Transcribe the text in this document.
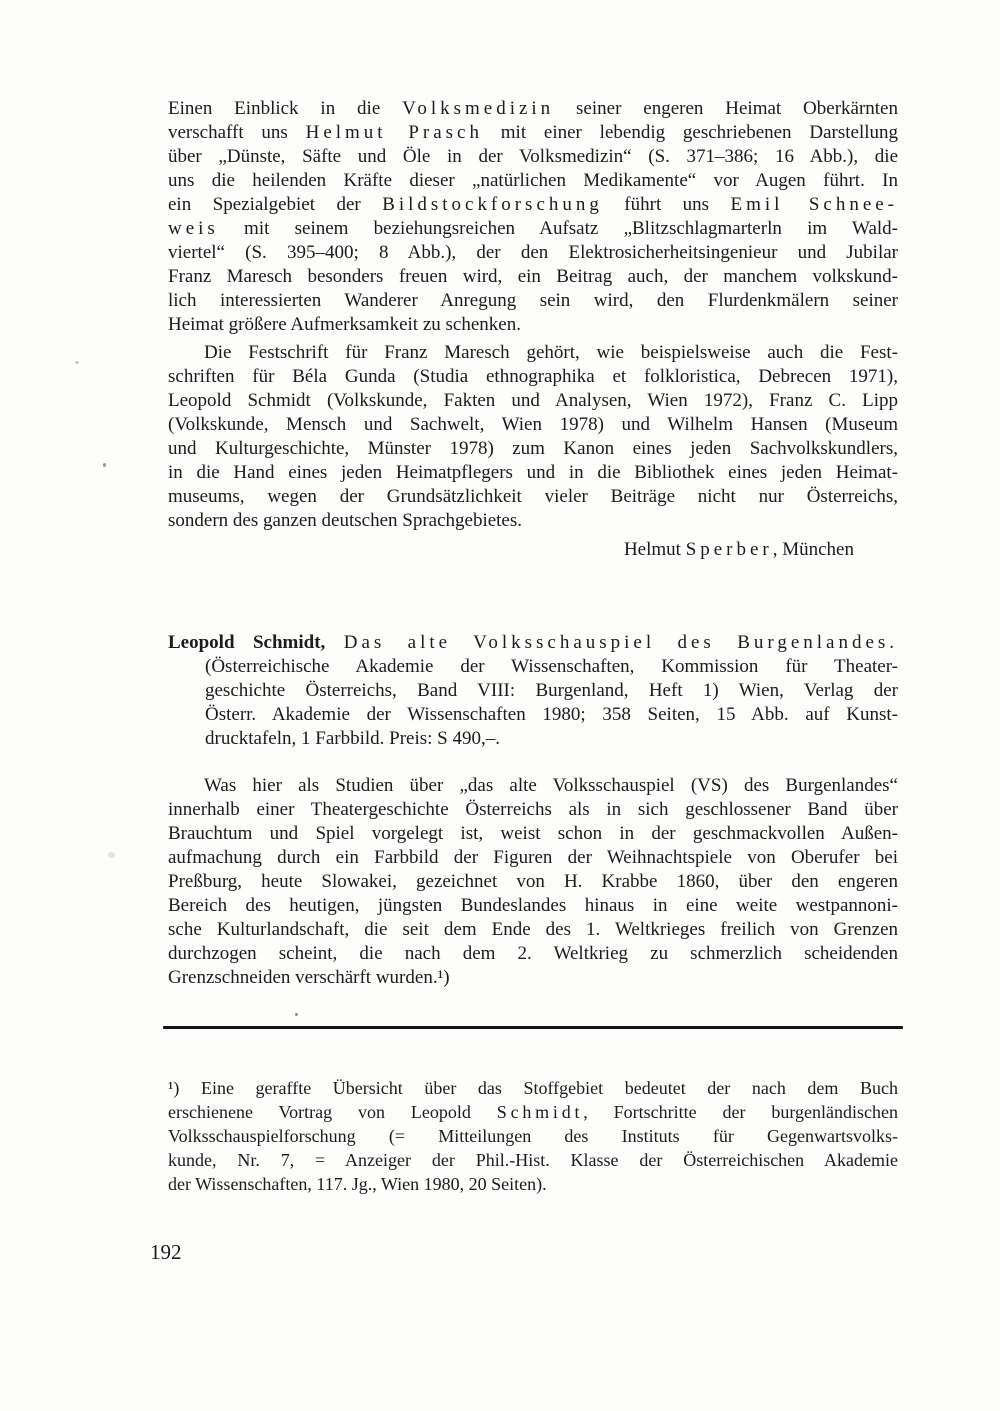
Einen Einblick in die Volksmedizin seiner engeren Heimat Oberkärnten
verschafft uns Helmut Prasch mit einer lebendig geschriebenen Darstellung
über „Dünste, Säfte und Öle in der Volksmedizin“ (S. 371–386; 16 Abb.), die
uns die heilenden Kräfte dieser „natürlichen Medikamente“ vor Augen führt. In
ein Spezialgebiet der Bildstockforschung führt uns Emil Schnee-
weis mit seinem beziehungsreichen Aufsatz „Blitzschlagmarterln im Wald-
viertel“ (S. 395–400; 8 Abb.), der den Elektrosicherheitsingenieur und Jubilar
Franz Maresch besonders freuen wird, ein Beitrag auch, der manchem volkskund-
lich interessierten Wanderer Anregung sein wird, den Flurdenkmälern seiner
Heimat größere Aufmerksamkeit zu schenken.
Die Festschrift für Franz Maresch gehört, wie beispielsweise auch die Fest-
schriften für Béla Gunda (Studia ethnographika et folkloristica, Debrecen 1971),
Leopold Schmidt (Volkskunde, Fakten und Analysen, Wien 1972), Franz C. Lipp
(Volkskunde, Mensch und Sachwelt, Wien 1978) und Wilhelm Hansen (Museum
und Kulturgeschichte, Münster 1978) zum Kanon eines jeden Sachvolkskundlers,
in die Hand eines jeden Heimatpflegers und in die Bibliothek eines jeden Heimat-
museums, wegen der Grundsätzlichkeit vieler Beiträge nicht nur Österreichs,
sondern des ganzen deutschen Sprachgebietes.
Helmut Sperber, München
Leopold Schmidt, Das alte Volksschauspiel des Burgenlandes.
(Österreichische Akademie der Wissenschaften, Kommission für Theater-
geschichte Österreichs, Band VIII: Burgenland, Heft 1) Wien, Verlag der
Österr. Akademie der Wissenschaften 1980; 358 Seiten, 15 Abb. auf Kunst-
drucktafeln, 1 Farbbild. Preis: S 490,–.
Was hier als Studien über „das alte Volksschauspiel (VS) des Burgenlandes“
innerhalb einer Theatergeschichte Österreichs als in sich geschlossener Band über
Brauchtum und Spiel vorgelegt ist, weist schon in der geschmackvollen Außen-
aufmachung durch ein Farbbild der Figuren der Weihnachtspiele von Oberufer bei
Preßburg, heute Slowakei, gezeichnet von H. Krabbe 1860, über den engeren
Bereich des heutigen, jüngsten Bundeslandes hinaus in eine weite westpannoni-
sche Kulturlandschaft, die seit dem Ende des 1. Weltkrieges freilich von Grenzen
durchzogen scheint, die nach dem 2. Weltkrieg zu schmerzlich scheidenden
Grenzschneiden verschärft wurden.¹)
¹) Eine geraffte Übersicht über das Stoffgebiet bedeutet der nach dem Buch
erschienene Vortrag von Leopold Schmidt, Fortschritte der burgenländischen
Volksschauspielforschung (= Mitteilungen des Instituts für Gegenwartsvolks-
kunde, Nr. 7, = Anzeiger der Phil.-Hist. Klasse der Österreichischen Akademie
der Wissenschaften, 117. Jg., Wien 1980, 20 Seiten).
192
